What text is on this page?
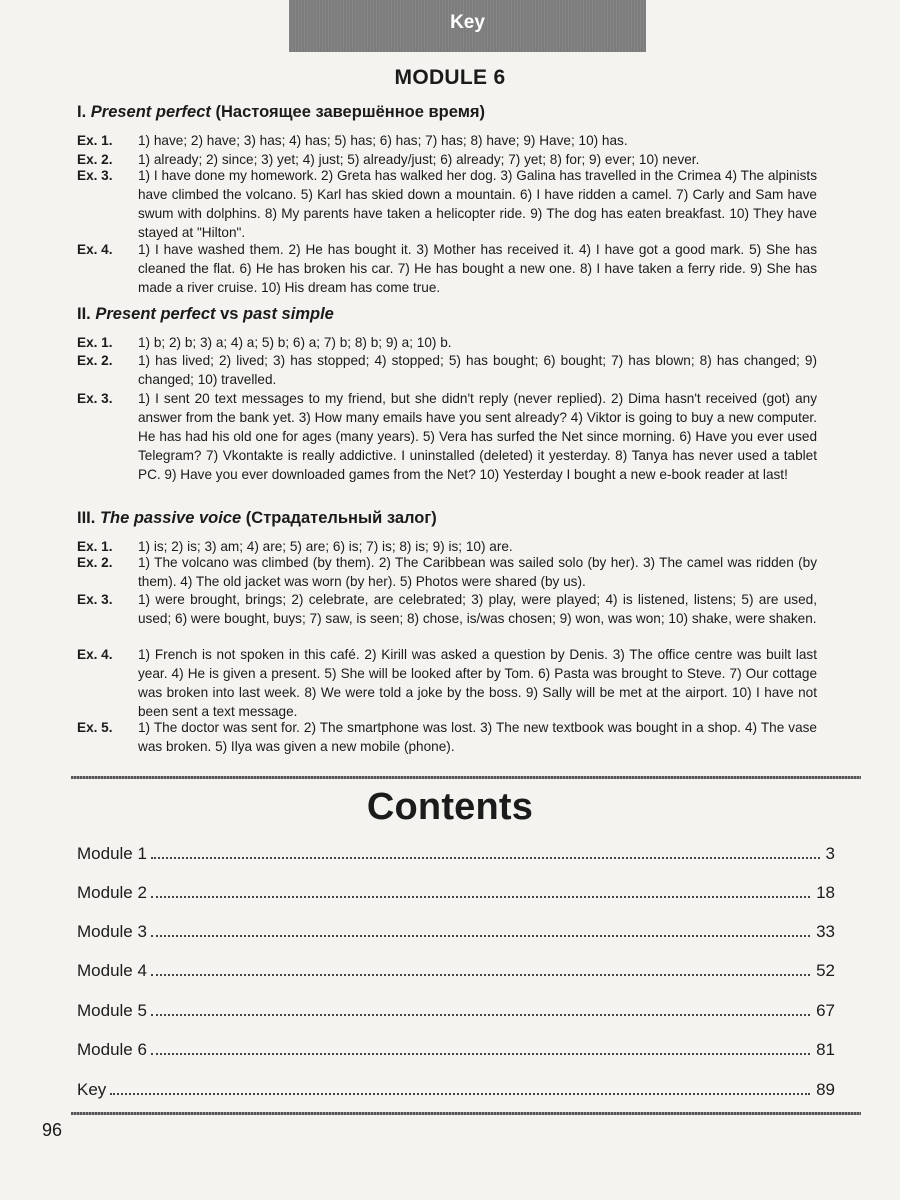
Key
MODULE 6
I. Present perfect (Настоящее завершённое время)
Ex. 1.	1) have; 2) have; 3) has; 4) has; 5) has; 6) has; 7) has; 8) have; 9) Have; 10) has.
Ex. 2.	1) already; 2) since; 3) yet; 4) just; 5) already/just; 6) already; 7) yet; 8) for; 9) ever; 10) never.
Ex. 3.	1) I have done my homework. 2) Greta has walked her dog. 3) Galina has travelled in the Crimea 4) The alpinists have climbed the volcano. 5) Karl has skied down a mountain. 6) I have ridden a camel. 7) Carly and Sam have swum with dolphins. 8) My parents have taken a helicopter ride. 9) The dog has eaten breakfast. 10) They have stayed at "Hilton".
Ex. 4.	1) I have washed them. 2) He has bought it. 3) Mother has received it. 4) I have got a good mark. 5) She has cleaned the flat. 6) He has broken his car. 7) He has bought a new one. 8) I have taken a ferry ride. 9) She has made a river cruise. 10) His dream has come true.
II. Present perfect vs past simple
Ex. 1.	1) b; 2) b; 3) a; 4) a; 5) b; 6) a; 7) b; 8) b; 9) a; 10) b.
Ex. 2.	1) has lived; 2) lived; 3) has stopped; 4) stopped; 5) has bought; 6) bought; 7) has blown; 8) has changed; 9) changed; 10) travelled.
Ex. 3.	1) I sent 20 text messages to my friend, but she didn't reply (never replied). 2) Dima hasn't received (got) any answer from the bank yet. 3) How many emails have you sent already? 4) Viktor is going to buy a new computer. He has had his old one for ages (many years). 5) Vera has surfed the Net since morning. 6) Have you ever used Telegram? 7) Vkontakte is really addictive. I uninstalled (deleted) it yesterday. 8) Tanya has never used a tablet PC. 9) Have you ever downloaded games from the Net? 10) Yesterday I bought a new e-book reader at last!
III. The passive voice (Страдательный залог)
Ex. 1.	1) is; 2) is; 3) am; 4) are; 5) are; 6) is; 7) is; 8) is; 9) is; 10) are.
Ex. 2.	1) The volcano was climbed (by them). 2) The Caribbean was sailed solo (by her). 3) The camel was ridden (by them). 4) The old jacket was worn (by her). 5) Photos were shared (by us).
Ex. 3.	1) were brought, brings; 2) celebrate, are celebrated; 3) play, were played; 4) is listened, listens; 5) are used, used; 6) were bought, buys; 7) saw, is seen; 8) chose, is/was chosen; 9) won, was won; 10) shake, were shaken.
Ex. 4.	1) French is not spoken in this café. 2) Kirill was asked a question by Denis. 3) The office centre was built last year. 4) He is given a present. 5) She will be looked after by Tom. 6) Pasta was brought to Steve. 7) Our cottage was broken into last week. 8) We were told a joke by the boss. 9) Sally will be met at the airport. 10) I have not been sent a text message.
Ex. 5.	1) The doctor was sent for. 2) The smartphone was lost. 3) The new textbook was bought in a shop. 4) The vase was broken. 5) Ilya was given a new mobile (phone).
Contents
Module 1	3
Module 2	18
Module 3	33
Module 4	52
Module 5	67
Module 6	81
Key	89
96
